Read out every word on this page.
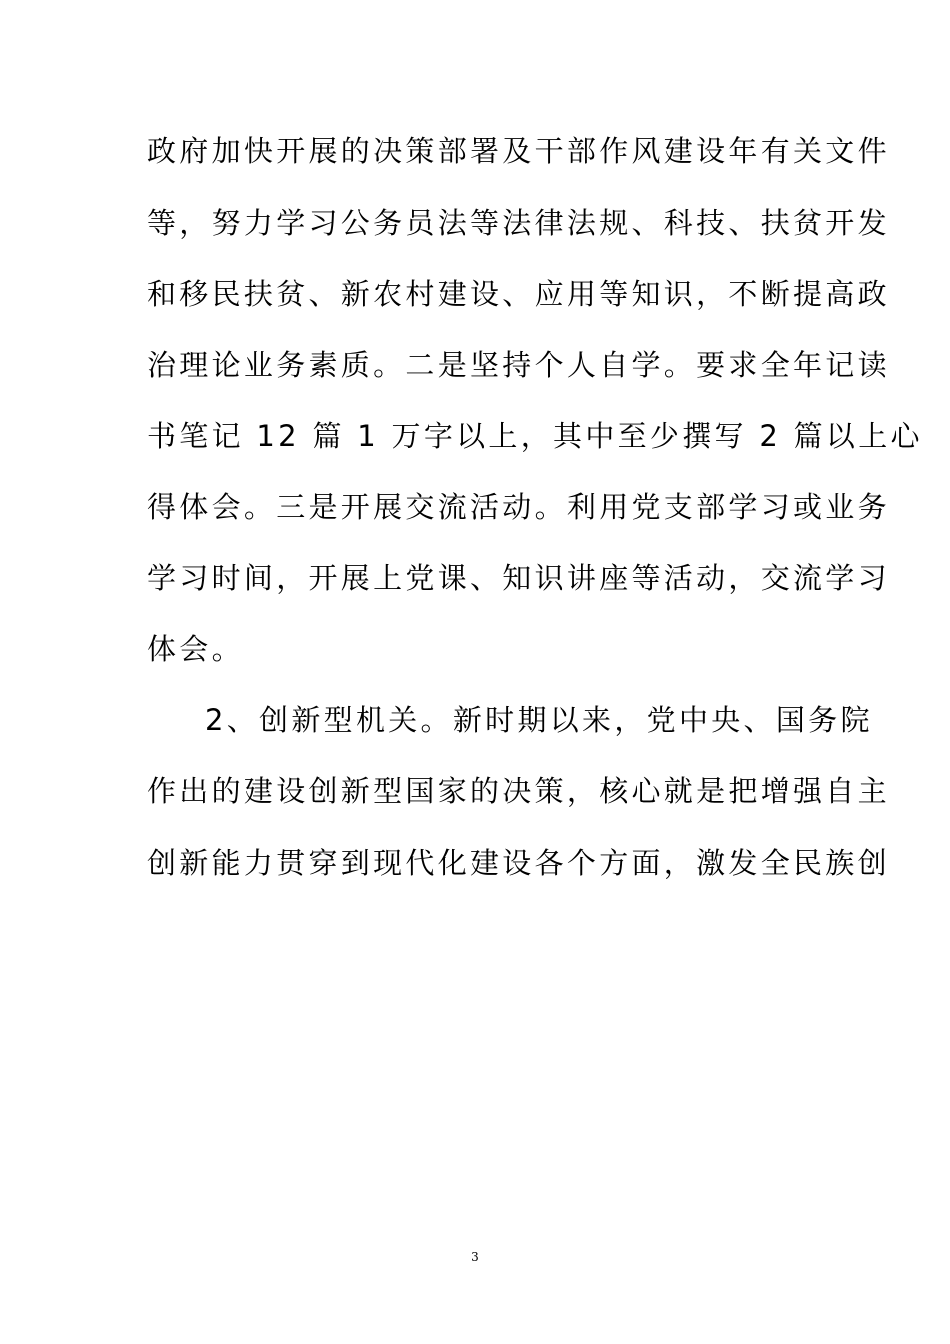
政府加快开展的决策部署及干部作风建设年有关文件
等，努力学习公务员法等法律法规、科技、扶贫开发
和移民扶贫、新农村建设、应用等知识，不断提高政
治理论业务素质。二是坚持个人自学。要求全年记读
书笔记 12 篇 1 万字以上，其中至少撰写 2 篇以上心
得体会。三是开展交流活动。利用党支部学习或业务
学习时间，开展上党课、知识讲座等活动，交流学习
体会。
2、创新型机关。新时期以来，党中央、国务院
作出的建设创新型国家的决策，核心就是把增强自主
创新能力贯穿到现代化建设各个方面，激发全民族创
3
